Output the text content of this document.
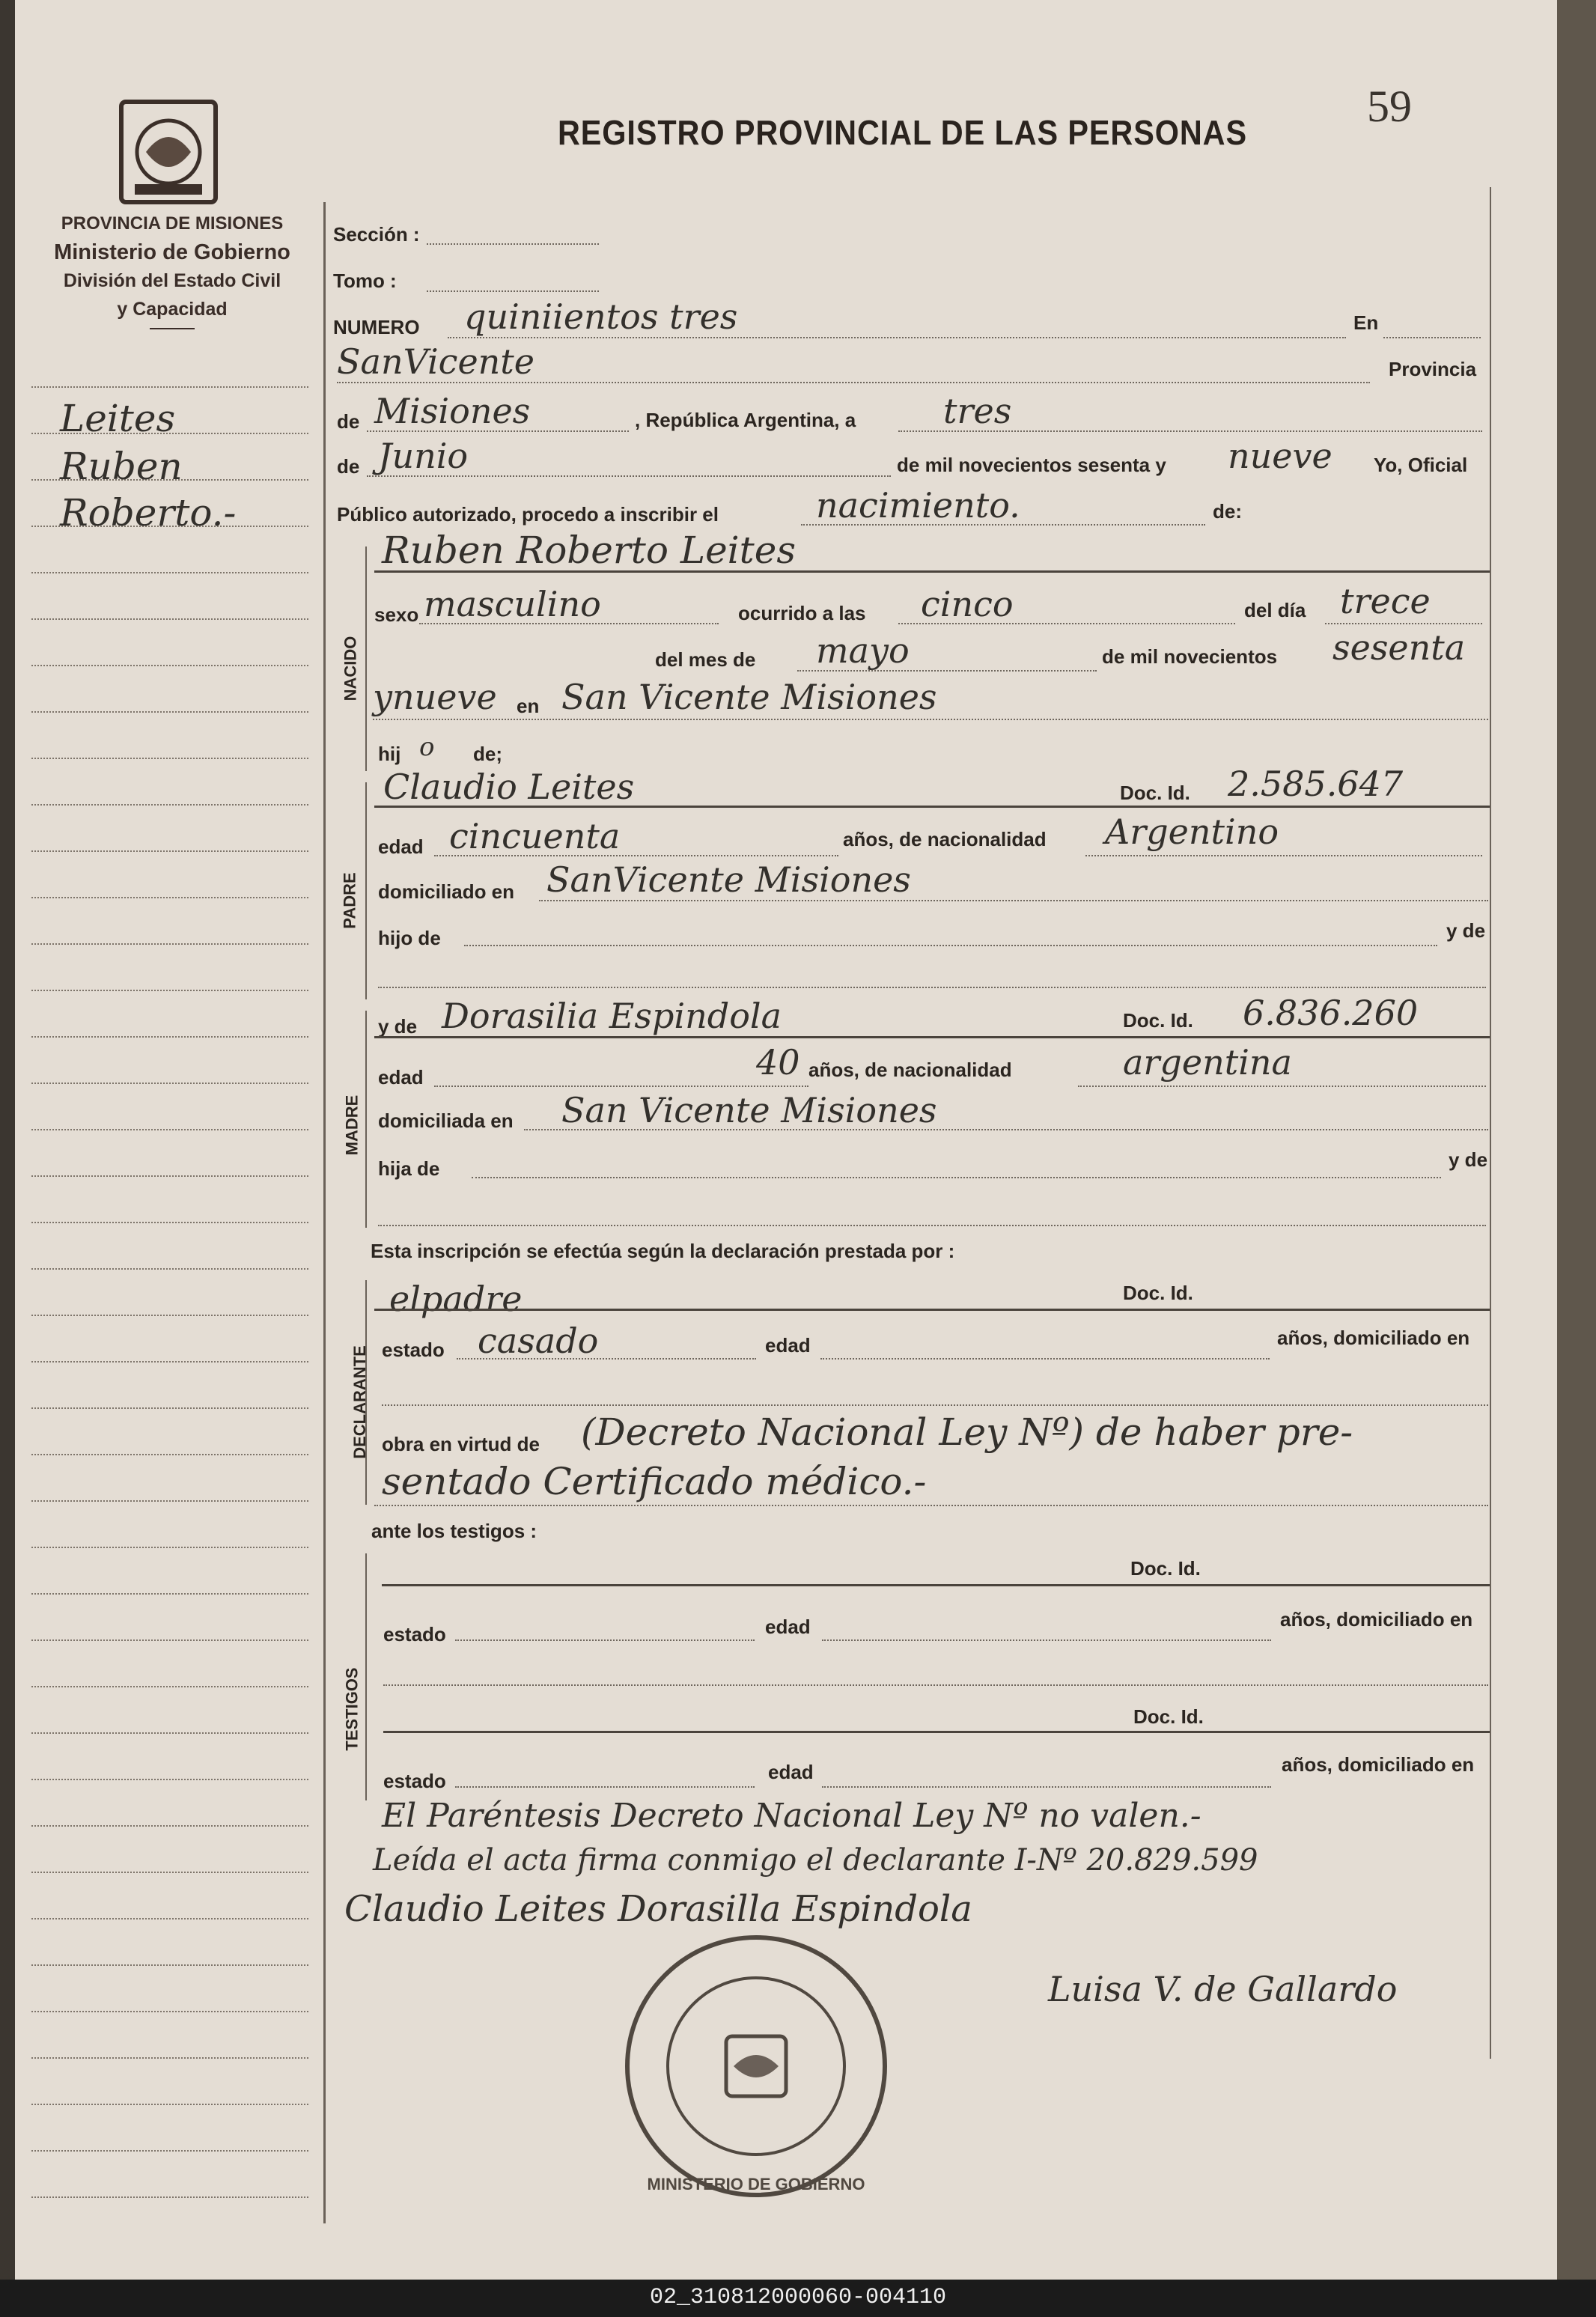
REGISTRO PROVINCIAL DE LAS PERSONAS
59
PROVINCIA DE MISIONES
Ministerio de Gobierno
División del Estado Civil
y Capacidad
Leites
Ruben
Roberto.-
NACIDO
PADRE
MADRE
DECLARANTE
TESTIGOS
Sección :
Tomo :
NUMERO quiniientos tres	En
SanVicente	Provincia
de Misiones	, República Argentina, a	tres
de Junio	de mil novecientos sesenta y nueve Yo, Oficial
Público autorizado, procedo a inscribir el	nacimiento.	de:
Ruben Roberto Leites
sexo masculino	ocurrido a las cinco	del día trece
del mes de mayo	de mil novecientos sesenta
ynueve en San Vicente Misiones
hij o de;
Claudio Leites	Doc. Id. 2.585.647
edad cincuenta	años, de nacionalidad Argentino
domiciliado en SanVicente Misiones
hijo de	y de
y de Dorasilia Espindola	Doc. Id. 6.836.260
edad	40 años, de nacionalidad	argentina
domiciliada en San Vicente Misiones
hija de	y de
Esta inscripción se efectúa según la declaración prestada por :
elpadre	Doc. Id.
estado casado	edad	años, domiciliado en
obra en virtud de (Decreto Nacional Ley Nº) de haber pre-
sentado Certificado médico.-
ante los testigos :
Doc. Id.
estado	edad	años, domiciliado en
Doc. Id.
estado	edad	años, domiciliado en
El Paréntesis Decreto Nacional Ley Nº no valen.-
Leída el acta firma conmigo el declarante I-Nº 20.829.599
Claudio Leites Dorasilla Espindola
Luisa V. de Gallardo
MINISTERIO DE GOBIERNO
02_310812000060-004110
